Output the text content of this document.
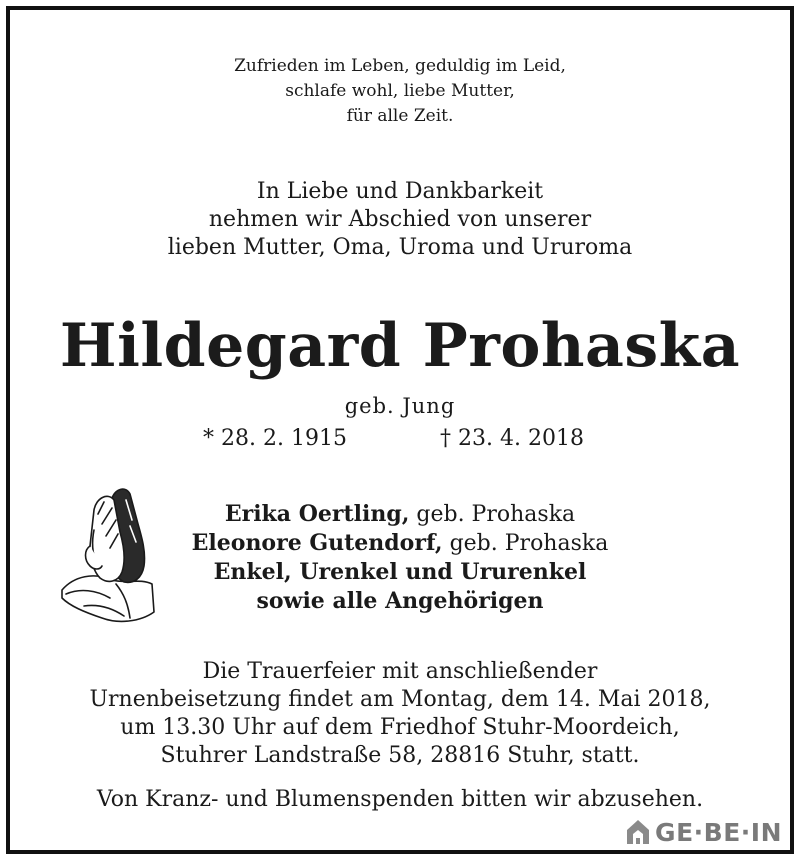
Zufrieden im Leben, geduldig im Leid,
schlafe wohl, liebe Mutter,
für alle Zeit.
In Liebe und Dankbarkeit
nehmen wir Abschied von unserer
lieben Mutter, Oma, Uroma und Ururoma
Hildegard Prohaska
geb. Jung
* 28. 2. 1915	† 23. 4. 2018
Erika Oertling, geb. Prohaska
Eleonore Gutendorf, geb. Prohaska
Enkel, Urenkel und Ururenkel
sowie alle Angehörigen
Die Trauerfeier mit anschließender
Urnenbeisetzung findet am Montag, dem 14. Mai 2018,
um 13.30 Uhr auf dem Friedhof Stuhr-Moordeich,
Stuhrer Landstraße 58, 28816 Stuhr, statt.
Von Kranz- und Blumenspenden bitten wir abzusehen.
GE·BE·IN
